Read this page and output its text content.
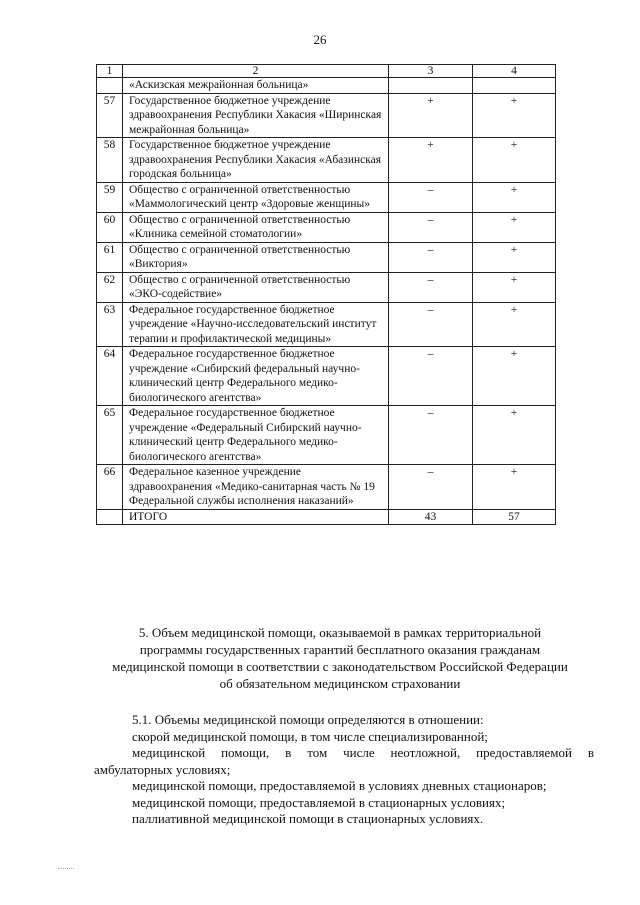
26
1	2	3	4
	«Аскизская межрайонная больница»		
57	Государственное бюджетное учреждение здравоохранения Республики Хакасия «Ширинская межрайонная больница»	+	+
58	Государственное бюджетное учреждение здравоохранения Республики Хакасия «Абазинская городская больница»	+	+
59	Общество с ограниченной ответственностью «Маммологический центр «Здоровые женщины»	–	+
60	Общество с ограниченной ответственностью «Клиника семейной стоматологии»	–	+
61	Общество с ограниченной ответственностью «Виктория»	–	+
62	Общество с ограниченной ответственностью «ЭКО-содействие»	–	+
63	Федеральное государственное бюджетное учреждение «Научно-исследовательский институт терапии и профилактической медицины»	–	+
64	Федеральное государственное бюджетное учреждение «Сибирский федеральный научно-клинический центр Федерального медико-биологического агентства»	–	+
65	Федеральное государственное бюджетное учреждение «Федеральный Сибирский научно-клинический центр Федерального медико-биологического агентства»	–	+
66	Федеральное казенное учреждение здравоохранения «Медико-санитарная часть № 19 Федеральной службы исполнения наказаний»	–	+
	ИТОГО	43	57
5. Объем медицинской помощи, оказываемой в рамках территориальной
программы государственных гарантий бесплатного оказания гражданам
медицинской помощи в соответствии с законодательством Российской Федерации
об обязательном медицинском страховании
5.1. Объемы медицинской помощи определяются в отношении:
скорой медицинской помощи, в том числе специализированной;
медицинской помощи, в том числе неотложной, предоставляемой в
амбулаторных условиях;
медицинской помощи, предоставляемой в условиях дневных стационаров;
медицинской помощи, предоставляемой в стационарных условиях;
паллиативной медицинской помощи в стационарных условиях.
